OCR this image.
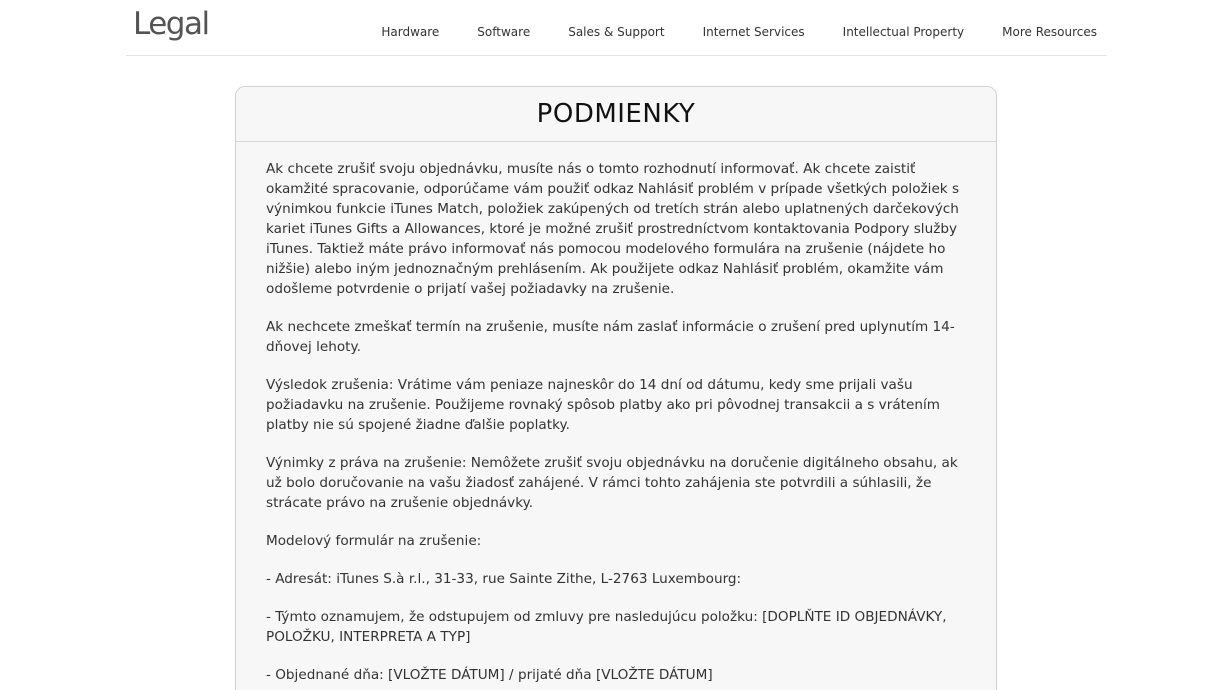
Legal	Hardware	Software	Sales & Support	Internet Services	Intellectual Property	More Resources
PODMIENKY

Ak chcete zrušiť svoju objednávku, musíte nás o tomto rozhodnutí informovať. Ak chcete zaistiť okamžité spracovanie, odporúčame vám použiť odkaz Nahlásiť problém v prípade všetkých položiek s výnimkou funkcie iTunes Match, položiek zakúpených od tretích strán alebo uplatnených darčekových kariet iTunes Gifts a Allowances, ktoré je možné zrušiť prostredníctvom kontaktovania Podpory služby iTunes. Taktiež máte právo informovať nás pomocou modelového formulára na zrušenie (nájdete ho nižšie) alebo iným jednoznačným prehlásením. Ak použijete odkaz Nahlásiť problém, okamžite vám odošleme potvrdenie o prijatí vašej požiadavky na zrušenie.

Ak nechcete zmeškať termín na zrušenie, musíte nám zaslať informácie o zrušení pred uplynutím 14-dňovej lehoty.

Výsledok zrušenia: Vrátime vám peniaze najneskôr do 14 dní od dátumu, kedy sme prijali vašu požiadavku na zrušenie. Použijeme rovnaký spôsob platby ako pri pôvodnej transakcii a s vrátením platby nie sú spojené žiadne ďalšie poplatky.

Výnimky z práva na zrušenie: Nemôžete zrušiť svoju objednávku na doručenie digitálneho obsahu, ak už bolo doručovanie na vašu žiadosť zahájené. V rámci tohto zahájenia ste potvrdili a súhlasili, že strácate právo na zrušenie objednávky.

Modelový formulár na zrušenie:

- Adresát: iTunes S.à r.l., 31-33, rue Sainte Zithe, L-2763 Luxembourg:

- Týmto oznamujem, že odstupujem od zmluvy pre nasledujúcu položku: [DOPLŇTE ID OBJEDNÁVKY, POLOŽKU, INTERPRETA A TYP]

- Objednané dňa: [VLOŽTE DÁTUM] / prijaté dňa [VLOŽTE DÁTUM]
